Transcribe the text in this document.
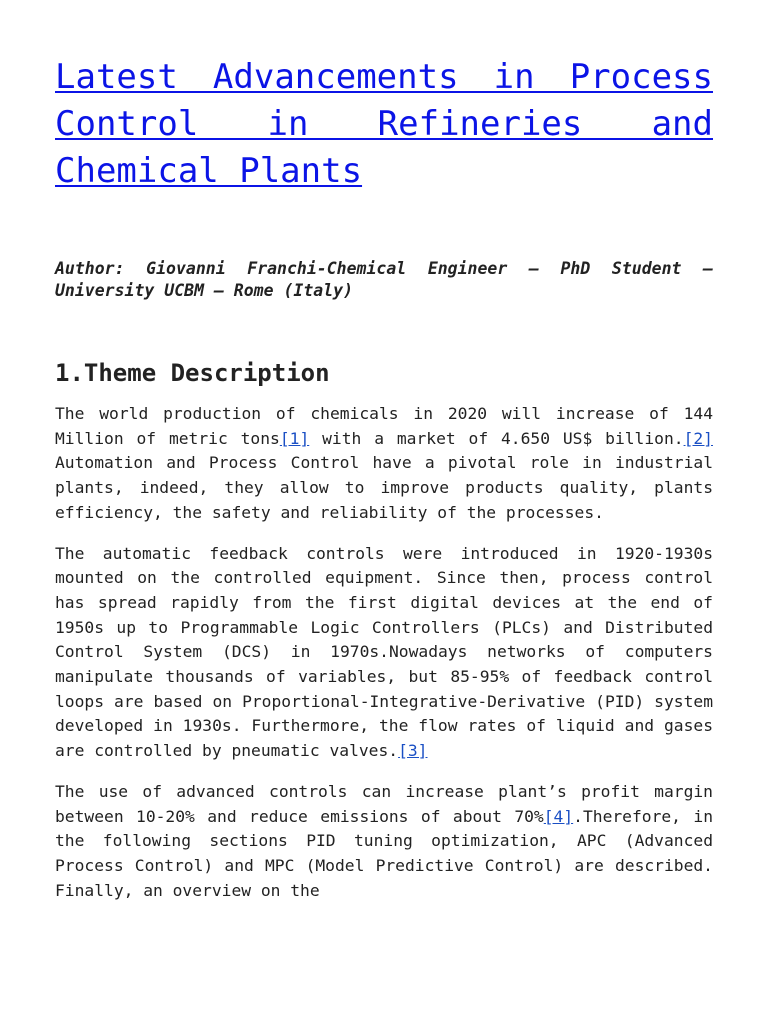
Latest Advancements in Process Control in Refineries and Chemical Plants

Author: Giovanni Franchi-Chemical Engineer – PhD Student –University UCBM – Rome (Italy)

1.Theme Description

The world production of chemicals in 2020 will increase of 144 Million of metric tons[1] with a market of 4.650 US$ billion.[2] Automation and Process Control have a pivotal role in industrial plants, indeed, they allow to improve products quality, plants efficiency, the safety and reliability of the processes.

The automatic feedback controls were introduced in 1920-1930s mounted on the controlled equipment. Since then, process control has spread rapidly from the first digital devices at the end of 1950s up to Programmable Logic Controllers (PLCs) and Distributed Control System (DCS) in 1970s.Nowadays networks of computers manipulate thousands of variables, but 85-95% of feedback control loops are based on Proportional-Integrative-Derivative (PID) system developed in 1930s. Furthermore, the flow rates of liquid and gases are controlled by pneumatic valves.[3]

The use of advanced controls can increase plant’s profit margin between 10-20% and reduce emissions of about 70%[4].Therefore, in the following sections PID tuning optimization, APC (Advanced Process Control) and MPC (Model Predictive Control) are described. Finally, an overview on the
